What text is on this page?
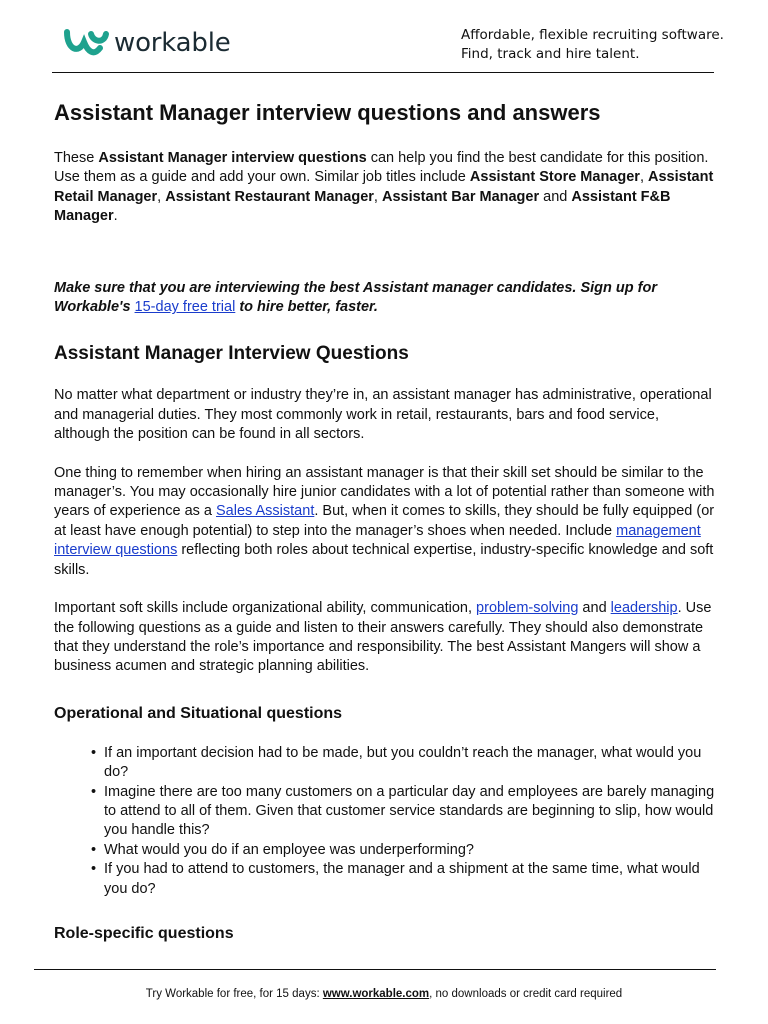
workable	Affordable, flexible recruiting software.
Find, track and hire talent.
Assistant Manager interview questions and answers

These Assistant Manager interview questions can help you find the best candidate for this position. Use them as a guide and add your own. Similar job titles include Assistant Store Manager, Assistant Retail Manager, Assistant Restaurant Manager, Assistant Bar Manager and Assistant F&B Manager.

Make sure that you are interviewing the best Assistant manager candidates. Sign up for Workable's 15-day free trial to hire better, faster.

Assistant Manager Interview Questions

No matter what department or industry they’re in, an assistant manager has administrative, operational and managerial duties. They most commonly work in retail, restaurants, bars and food service, although the position can be found in all sectors.

One thing to remember when hiring an assistant manager is that their skill set should be similar to the manager’s. You may occasionally hire junior candidates with a lot of potential rather than someone with years of experience as a Sales Assistant. But, when it comes to skills, they should be fully equipped (or at least have enough potential) to step into the manager’s shoes when needed. Include management interview questions reflecting both roles about technical expertise, industry-specific knowledge and soft skills.

Important soft skills include organizational ability, communication, problem-solving and leadership. Use the following questions as a guide and listen to their answers carefully. They should also demonstrate that they understand the role’s importance and responsibility. The best Assistant Mangers will show a business acumen and strategic planning abilities.

Operational and Situational questions
• If an important decision had to be made, but you couldn’t reach the manager, what would you do?
• Imagine there are too many customers on a particular day and employees are barely managing to attend to all of them. Given that customer service standards are beginning to slip, how would you handle this?
• What would you do if an employee was underperforming?
• If you had to attend to customers, the manager and a shipment at the same time, what would you do?
Role-specific questions
Try Workable for free, for 15 days: www.workable.com, no downloads or credit card required
